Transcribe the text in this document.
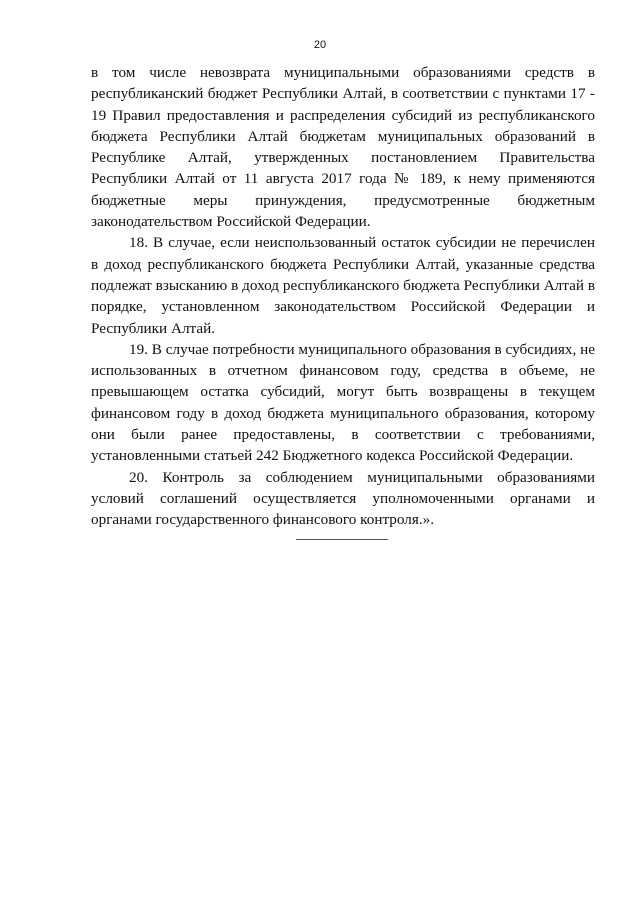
20

в том числе невозврата муниципальными образованиями средств в республиканский бюджет Республики Алтай, в соответствии с пунктами 17 - 19 Правил предоставления и распределения субсидий из республиканского бюджета Республики Алтай бюджетам муниципальных образований в Республике Алтай, утвержденных постановлением Правительства Республики Алтай от 11 августа 2017 года № 189, к нему применяются бюджетные меры принуждения, предусмотренные бюджетным законодательством Российской Федерации.

18. В случае, если неиспользованный остаток субсидии не перечислен в доход республиканского бюджета Республики Алтай, указанные средства подлежат взысканию в доход республиканского бюджета Республики Алтай в порядке, установленном законодательством Российской Федерации и Республики Алтай.

19. В случае потребности муниципального образования в субсидиях, не использованных в отчетном финансовом году, средства в объеме, не превышающем остатка субсидий, могут быть возвращены в текущем финансовом году в доход бюджета муниципального образования, которому они были ранее предоставлены, в соответствии с требованиями, установленными статьей 242 Бюджетного кодекса Российской Федерации.

20. Контроль за соблюдением муниципальными образованиями условий соглашений осуществляется уполномоченными органами и органами государственного финансового контроля.».
